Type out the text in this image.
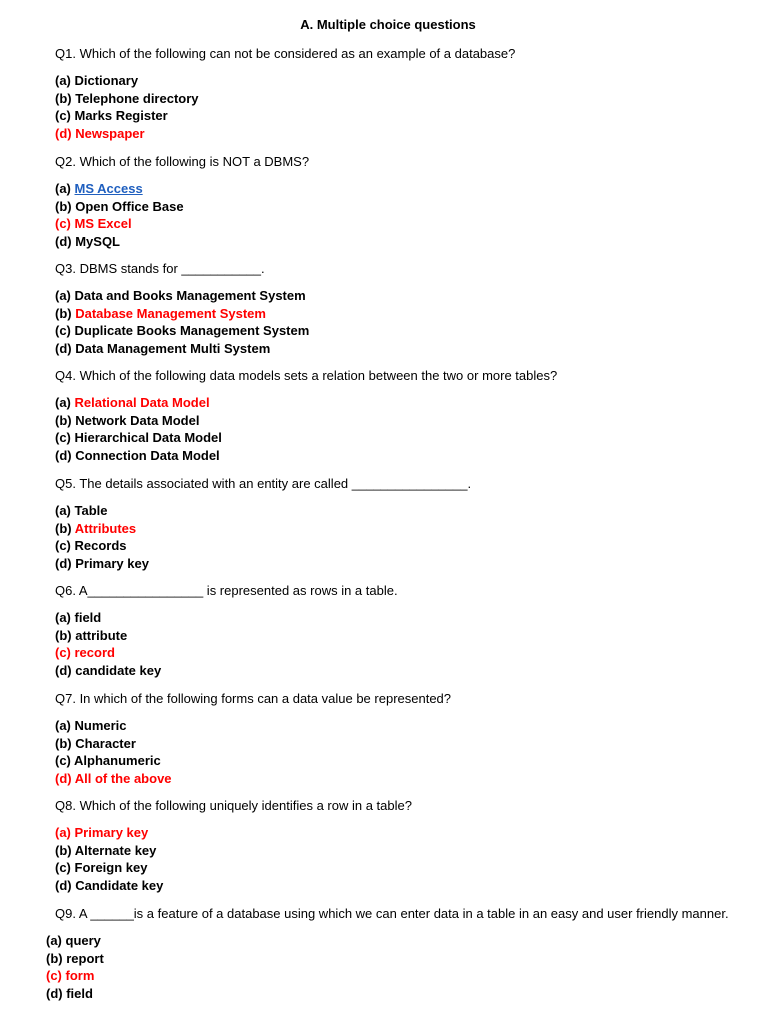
A. Multiple choice questions
Q1. Which of the following can not be considered as an example of a database?
(a) Dictionary
(b) Telephone directory
(c) Marks Register
(d) Newspaper
Q2. Which of the following is NOT a DBMS?
(a) MS Access
(b) Open Office Base
(c) MS Excel
(d) MySQL
Q3. DBMS stands for ___________.
(a) Data and Books Management System
(b) Database Management System
(c) Duplicate Books Management System
(d) Data Management Multi System
Q4. Which of the following data models sets a relation between the two or more tables?
(a) Relational Data Model
(b) Network Data Model
(c) Hierarchical Data Model
(d) Connection Data Model
Q5. The details associated with an entity are called ________________.
(a) Table
(b) Attributes
(c) Records
(d) Primary key
Q6. A________________ is represented as rows in a table.
(a) field
(b) attribute
(c) record
(d) candidate key
Q7. In which of the following forms can a data value be represented?
(a) Numeric
(b) Character
(c) Alphanumeric
(d) All of the above
Q8. Which of the following uniquely identifies a row in a table?
(a) Primary key
(b) Alternate key
(c) Foreign key
(d) Candidate key
Q9. A ______is a feature of a database using which we can enter data in a table in an easy and user friendly manner.
(a) query
(b) report
(c) form
(d) field
